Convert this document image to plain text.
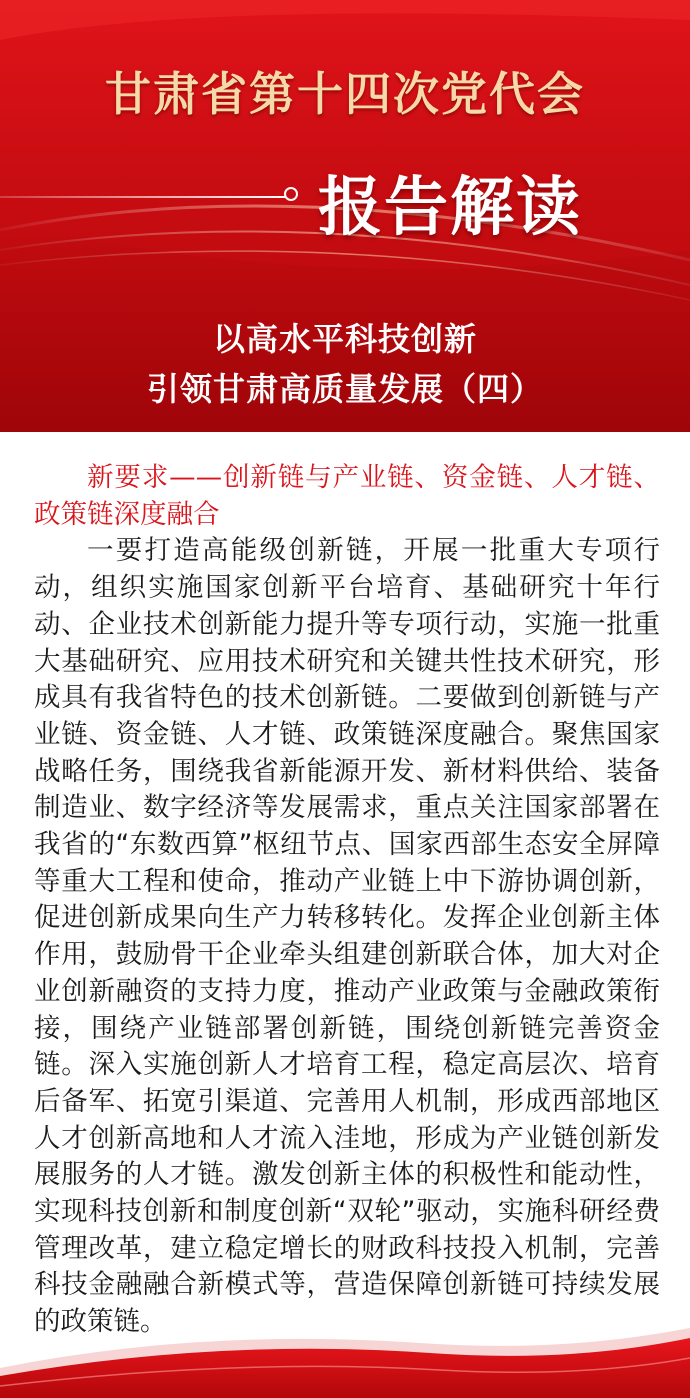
甘肃省第十四次党代会
报告解读
以高水平科技创新
引领甘肃高质量发展（四）

新要求——创新链与产业链、资金链、人才链、政策链深度融合

一要打造高能级创新链，开展一批重大专项行动，组织实施国家创新平台培育、基础研究十年行动、企业技术创新能力提升等专项行动，实施一批重大基础研究、应用技术研究和关键共性技术研究，形成具有我省特色的技术创新链。二要做到创新链与产业链、资金链、人才链、政策链深度融合。聚焦国家战略任务，围绕我省新能源开发、新材料供给、装备制造业、数字经济等发展需求，重点关注国家部署在我省的“东数西算”枢纽节点、国家西部生态安全屏障等重大工程和使命，推动产业链上中下游协调创新，促进创新成果向生产力转移转化。发挥企业创新主体作用，鼓励骨干企业牵头组建创新联合体，加大对企业创新融资的支持力度，推动产业政策与金融政策衔接，围绕产业链部署创新链，围绕创新链完善资金链。深入实施创新人才培育工程，稳定高层次、培育后备军、拓宽引渠道、完善用人机制，形成西部地区人才创新高地和人才流入洼地，形成为产业链创新发展服务的人才链。激发创新主体的积极性和能动性，实现科技创新和制度创新“双轮”驱动，实施科研经费管理改革，建立稳定增长的财政科技投入机制，完善科技金融融合新模式等，营造保障创新链可持续发展的政策链。
